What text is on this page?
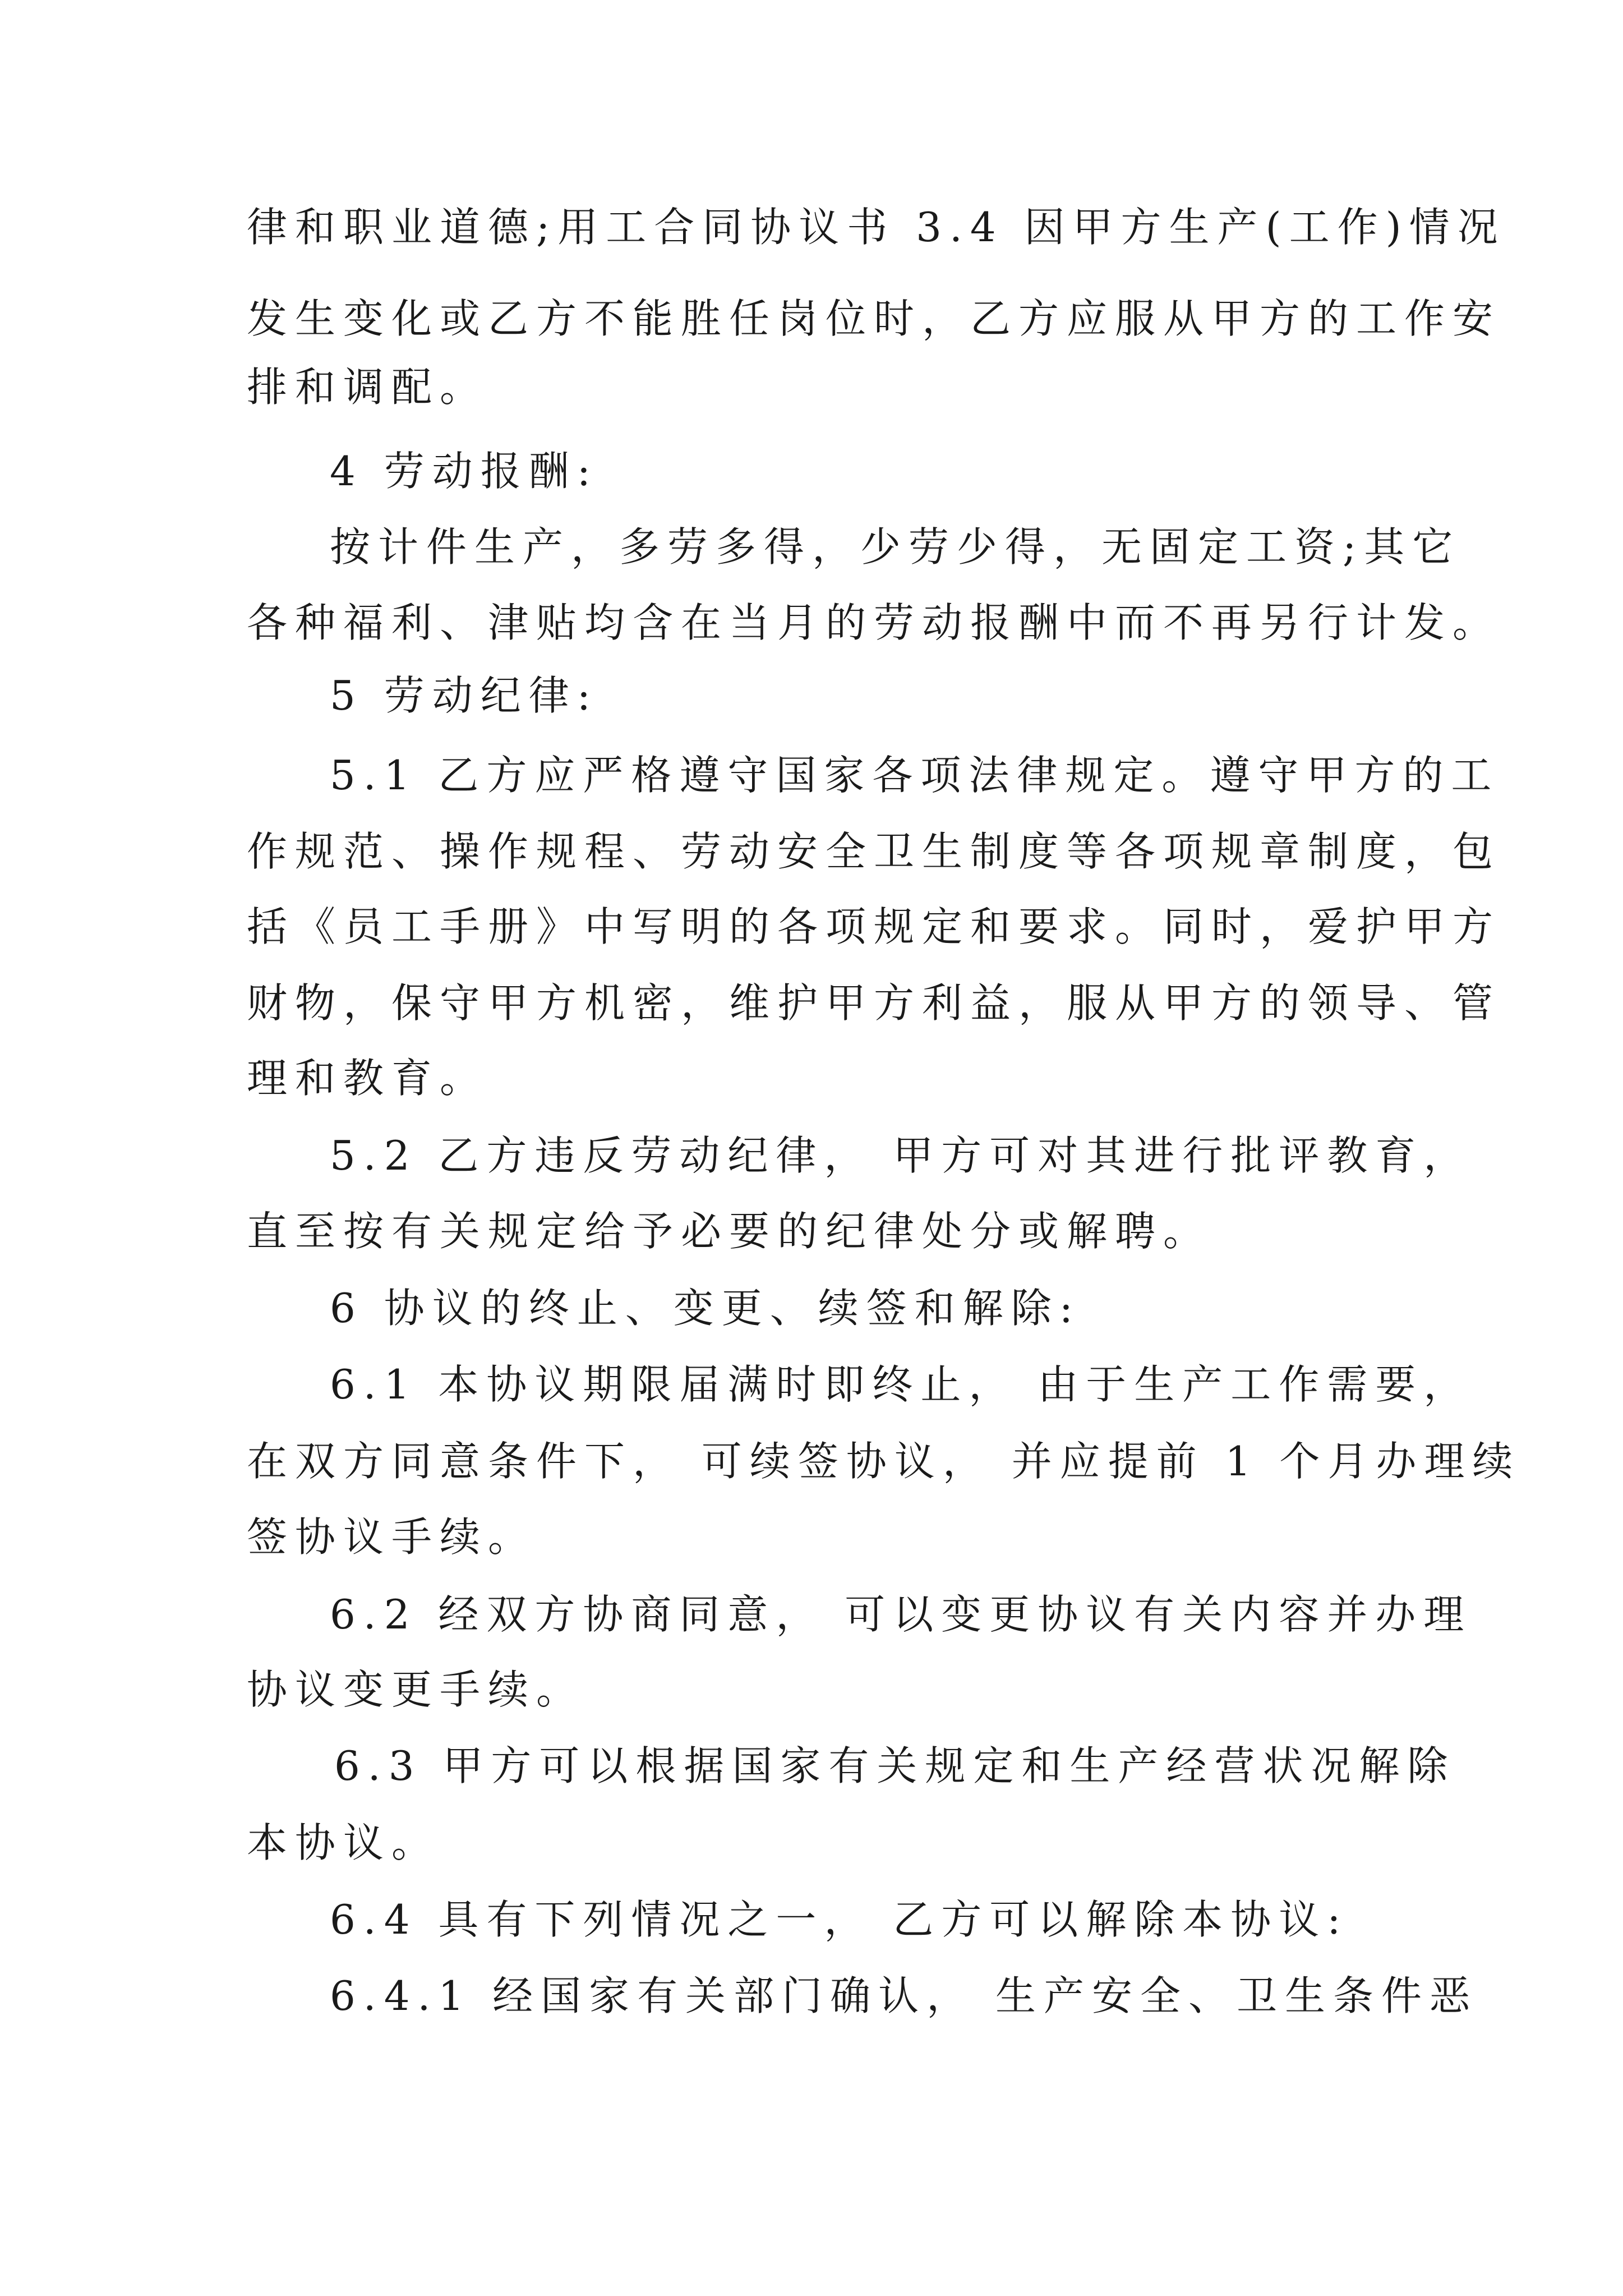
律和职业道德;用工合同协议书 3.4 因甲方生产(工作)情况
发生变化或乙方不能胜任岗位时，乙方应服从甲方的工作安
排和调配。
4 劳动报酬:
按计件生产，多劳多得，少劳少得，无固定工资;其它
各种福利、津贴均含在当月的劳动报酬中而不再另行计发。
5 劳动纪律:
5.1 乙方应严格遵守国家各项法律规定。遵守甲方的工
作规范、操作规程、劳动安全卫生制度等各项规章制度，包
括《员工手册》中写明的各项规定和要求。同时，爱护甲方
财物，保守甲方机密，维护甲方利益，服从甲方的领导、管
理和教育。
5.2 乙方违反劳动纪律， 甲方可对其进行批评教育，
直至按有关规定给予必要的纪律处分或解聘。
6 协议的终止、变更、续签和解除:
6.1 本协议期限届满时即终止， 由于生产工作需要，
在双方同意条件下， 可续签协议， 并应提前 1 个月办理续
签协议手续。
6.2 经双方协商同意， 可以变更协议有关内容并办理
协议变更手续。
6.3 甲方可以根据国家有关规定和生产经营状况解除
本协议。
6.4 具有下列情况之一， 乙方可以解除本协议:
6.4.1 经国家有关部门确认， 生产安全、卫生条件恶
